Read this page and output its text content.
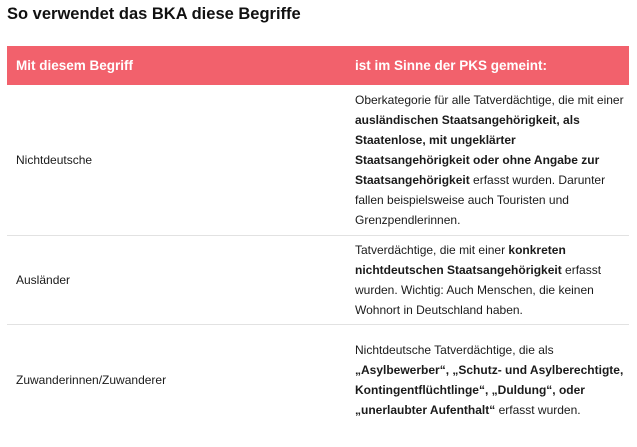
So verwendet das BKA diese Begriffe
Mit diesem Begriff	ist im Sinne der PKS gemeint:
Nichtdeutsche	Oberkategorie für alle Tatverdächtige, die mit einer ausländischen Staatsangehörigkeit, als Staatenlose, mit ungeklärter Staatsangehörigkeit oder ohne Angabe zur Staatsangehörigkeit erfasst wurden. Darunter fallen beispielsweise auch Touristen und Grenzpendlerinnen.
Ausländer	Tatverdächtige, die mit einer konkreten nichtdeutschen Staatsangehörigkeit erfasst wurden. Wichtig: Auch Menschen, die keinen Wohnort in Deutschland haben.
Zuwanderinnen/Zuwanderer	Nichtdeutsche Tatverdächtige, die als „Asylbewerber“, „Schutz- und Asylberechtigte, Kontingentflüchtlinge“, „Duldung“, oder „unerlaubter Aufenthalt“ erfasst wurden.
